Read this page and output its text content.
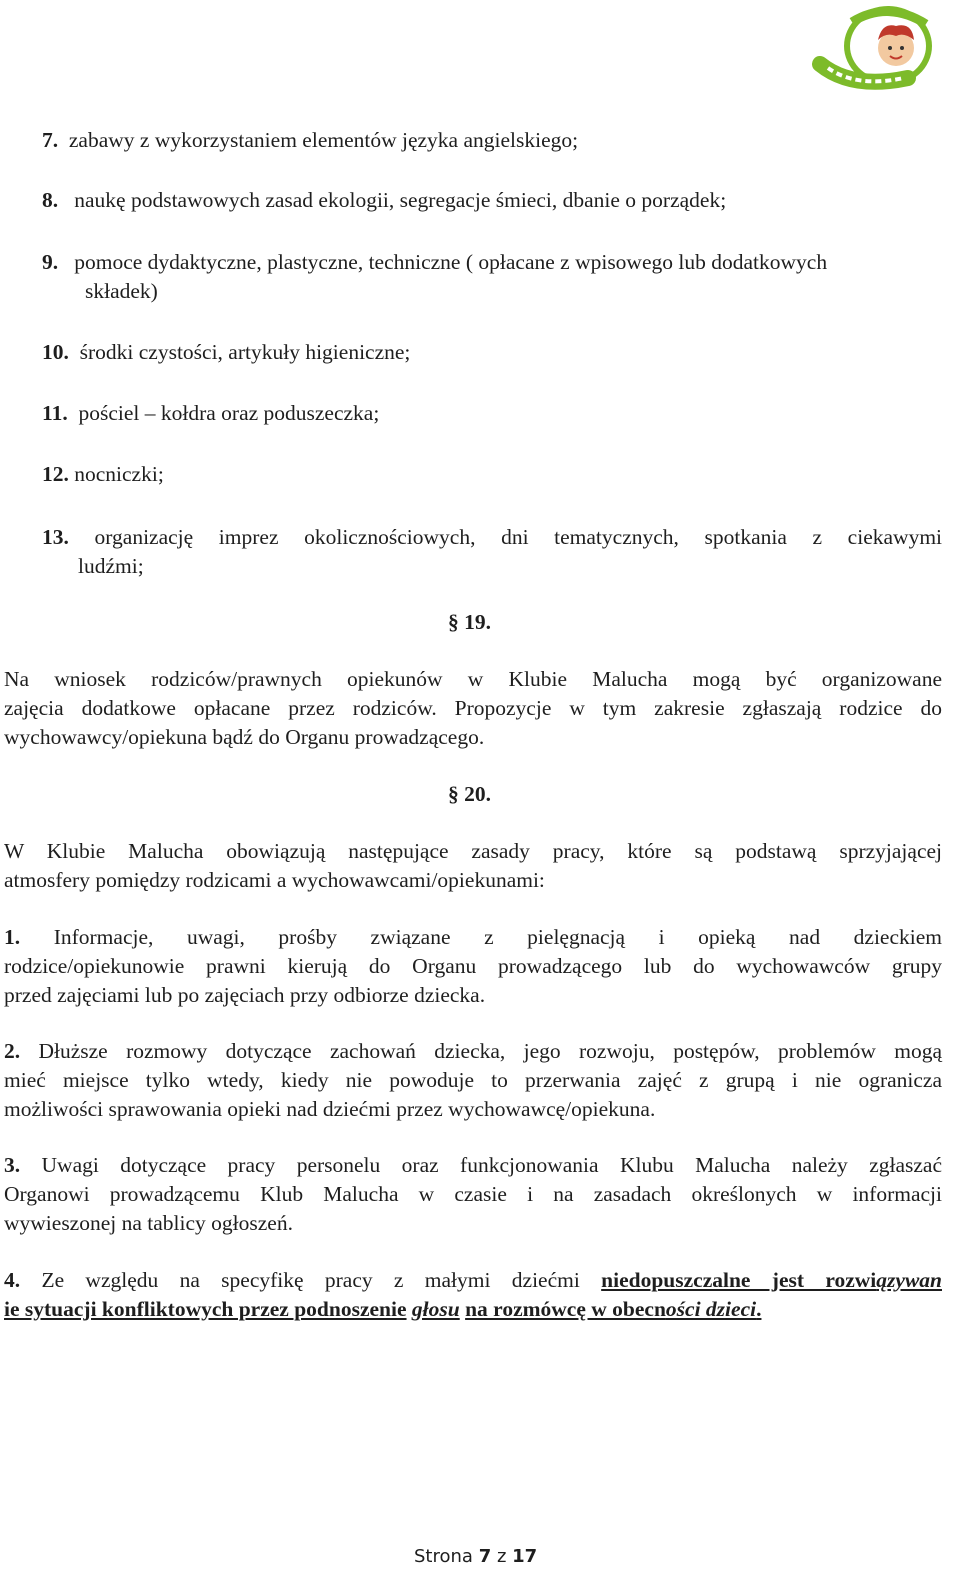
7. zabawy z wykorzystaniem elementów języka angielskiego;
8. naukę podstawowych zasad ekologii, segregacje śmieci, dbanie o porządek;
9. pomoce dydaktyczne, plastyczne, techniczne ( opłacane z wpisowego lub dodatkowych
składek)
10. środki czystości, artykuły higieniczne;
11. pościel – kołdra oraz poduszeczka;
12. nocniczki;
13. organizację imprez okolicznościowych, dni tematycznych, spotkania z ciekawymi
ludźmi;
§ 19.
Na wniosek rodziców/prawnych opiekunów w Klubie Malucha mogą być organizowane
zajęcia dodatkowe opłacane przez rodziców. Propozycje w tym zakresie zgłaszają rodzice do
wychowawcy/opiekuna bądź do Organu prowadzącego.
§ 20.
W Klubie Malucha obowiązują następujące zasady pracy, które są podstawą sprzyjającej
atmosfery pomiędzy rodzicami a wychowawcami/opiekunami:
1. Informacje, uwagi, prośby związane z pielęgnacją i opieką nad dzieckiem
rodzice/opiekunowie prawni kierują do Organu prowadzącego lub do wychowawców grupy
przed zajęciami lub po zajęciach przy odbiorze dziecka.
2. Dłuższe rozmowy dotyczące zachowań dziecka, jego rozwoju, postępów, problemów mogą
mieć miejsce tylko wtedy, kiedy nie powoduje to przerwania zajęć z grupą i nie ogranicza
możliwości sprawowania opieki nad dziećmi przez wychowawcę/opiekuna.
3. Uwagi dotyczące pracy personelu oraz funkcjonowania Klubu Malucha należy zgłaszać
Organowi prowadzącemu Klub Malucha w czasie i na zasadach określonych w informacji
wywieszonej na tablicy ogłoszeń.
4. Ze względu na specyfikę pracy z małymi dziećmi niedopuszczalne jest rozwiązywan
ie sytuacji konfliktowych przez podnoszenie głosu na rozmówcę w obecności dzieci.
Strona 7 z 17
